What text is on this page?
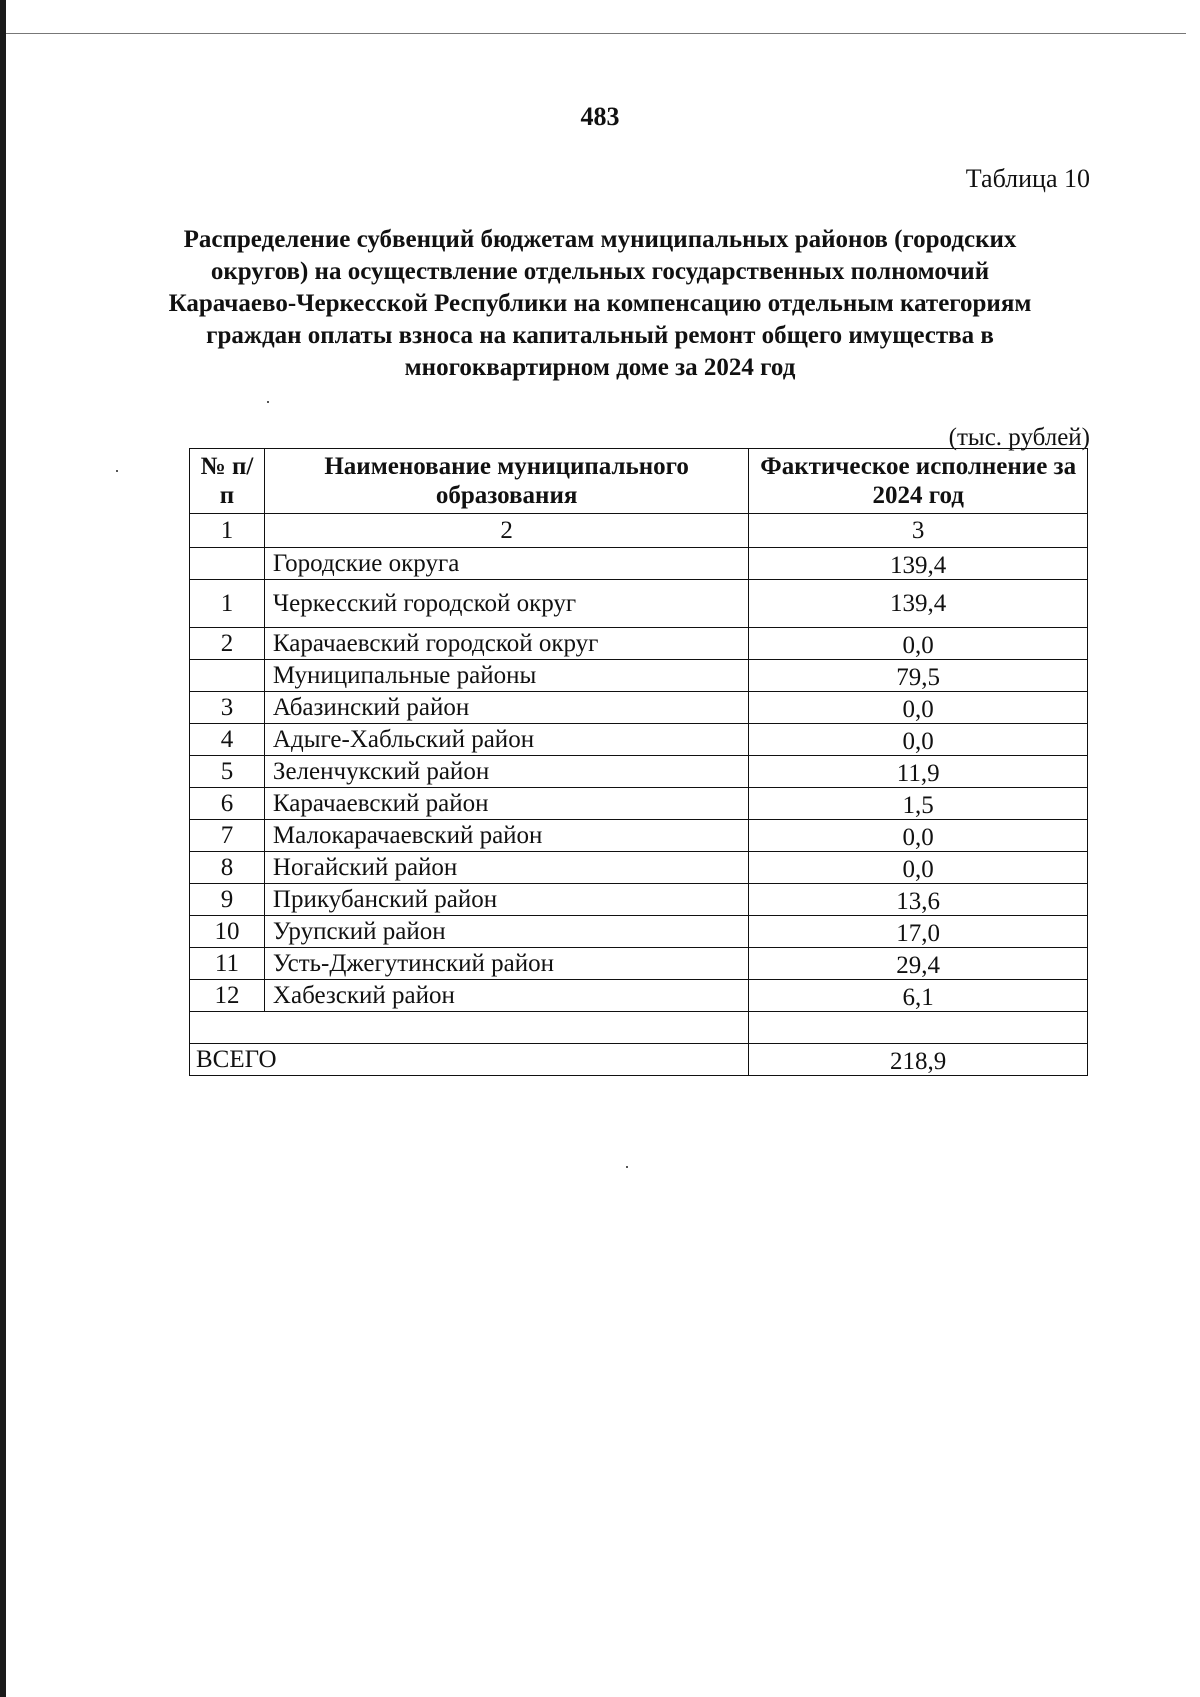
483
Таблица 10
Распределение субвенций бюджетам муниципальных районов (городских округов) на осуществление отдельных государственных полномочий Карачаево-Черкесской Республики на компенсацию отдельным категориям граждан оплаты взноса на капитальный ремонт общего имущества в многоквартирном доме за 2024 год
(тыс. рублей)
№ п/п	Наименование муниципального образования	Фактическое исполнение за 2024 год
1	2	3
	Городские округа	139,4
1	Черкесский городской округ	139,4
2	Карачаевский городской округ	0,0
	Муниципальные районы	79,5
3	Абазинский район	0,0
4	Адыге-Хабльский район	0,0
5	Зеленчукский район	11,9
6	Карачаевский район	1,5
7	Малокарачаевский район	0,0
8	Ногайский район	0,0
9	Прикубанский район	13,6
10	Урупский район	17,0
11	Усть-Джегутинский район	29,4
12	Хабезский район	6,1

ВСЕГО		218,9
